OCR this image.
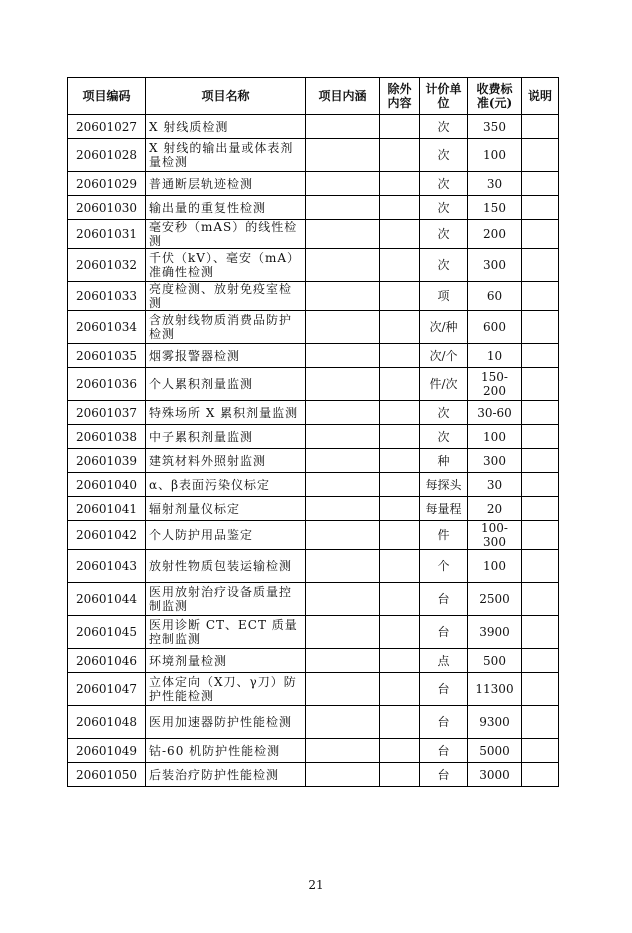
项目编码	项目名称	项目内涵	除外内容	计价单位	收费标准(元)	说明
20601027	X 射线质检测			次	350	
20601028	X 射线的输出量或体表剂量检测			次	100	
20601029	普通断层轨迹检测			次	30	
20601030	输出量的重复性检测			次	150	
20601031	毫安秒（mAS）的线性检测			次	200	
20601032	千伏（kV）、毫安（mA）准确性检测			次	300	
20601033	亮度检测、放射免疫室检测			项	60	
20601034	含放射线物质消费品防护检测			次/种	600	
20601035	烟雾报警器检测			次/个	10	
20601036	个人累积剂量监测			件/次	150-200	
20601037	特殊场所 X 累积剂量监测			次	30-60	
20601038	中子累积剂量监测			次	100	
20601039	建筑材料外照射监测			种	300	
20601040	α、β表面污染仪标定			每探头	30	
20601041	辐射剂量仪标定			每量程	20	
20601042	个人防护用品鉴定			件	100-300	
20601043	放射性物质包装运输检测			个	100	
20601044	医用放射治疗设备质量控制监测			台	2500	
20601045	医用诊断 CT、ECT 质量控制监测			台	3900	
20601046	环境剂量检测			点	500	
20601047	立体定向（X刀、γ刀）防护性能检测			台	11300	
20601048	医用加速器防护性能检测			台	9300	
20601049	钴-60 机防护性能检测			台	5000	
20601050	后装治疗防护性能检测			台	3000	
21
